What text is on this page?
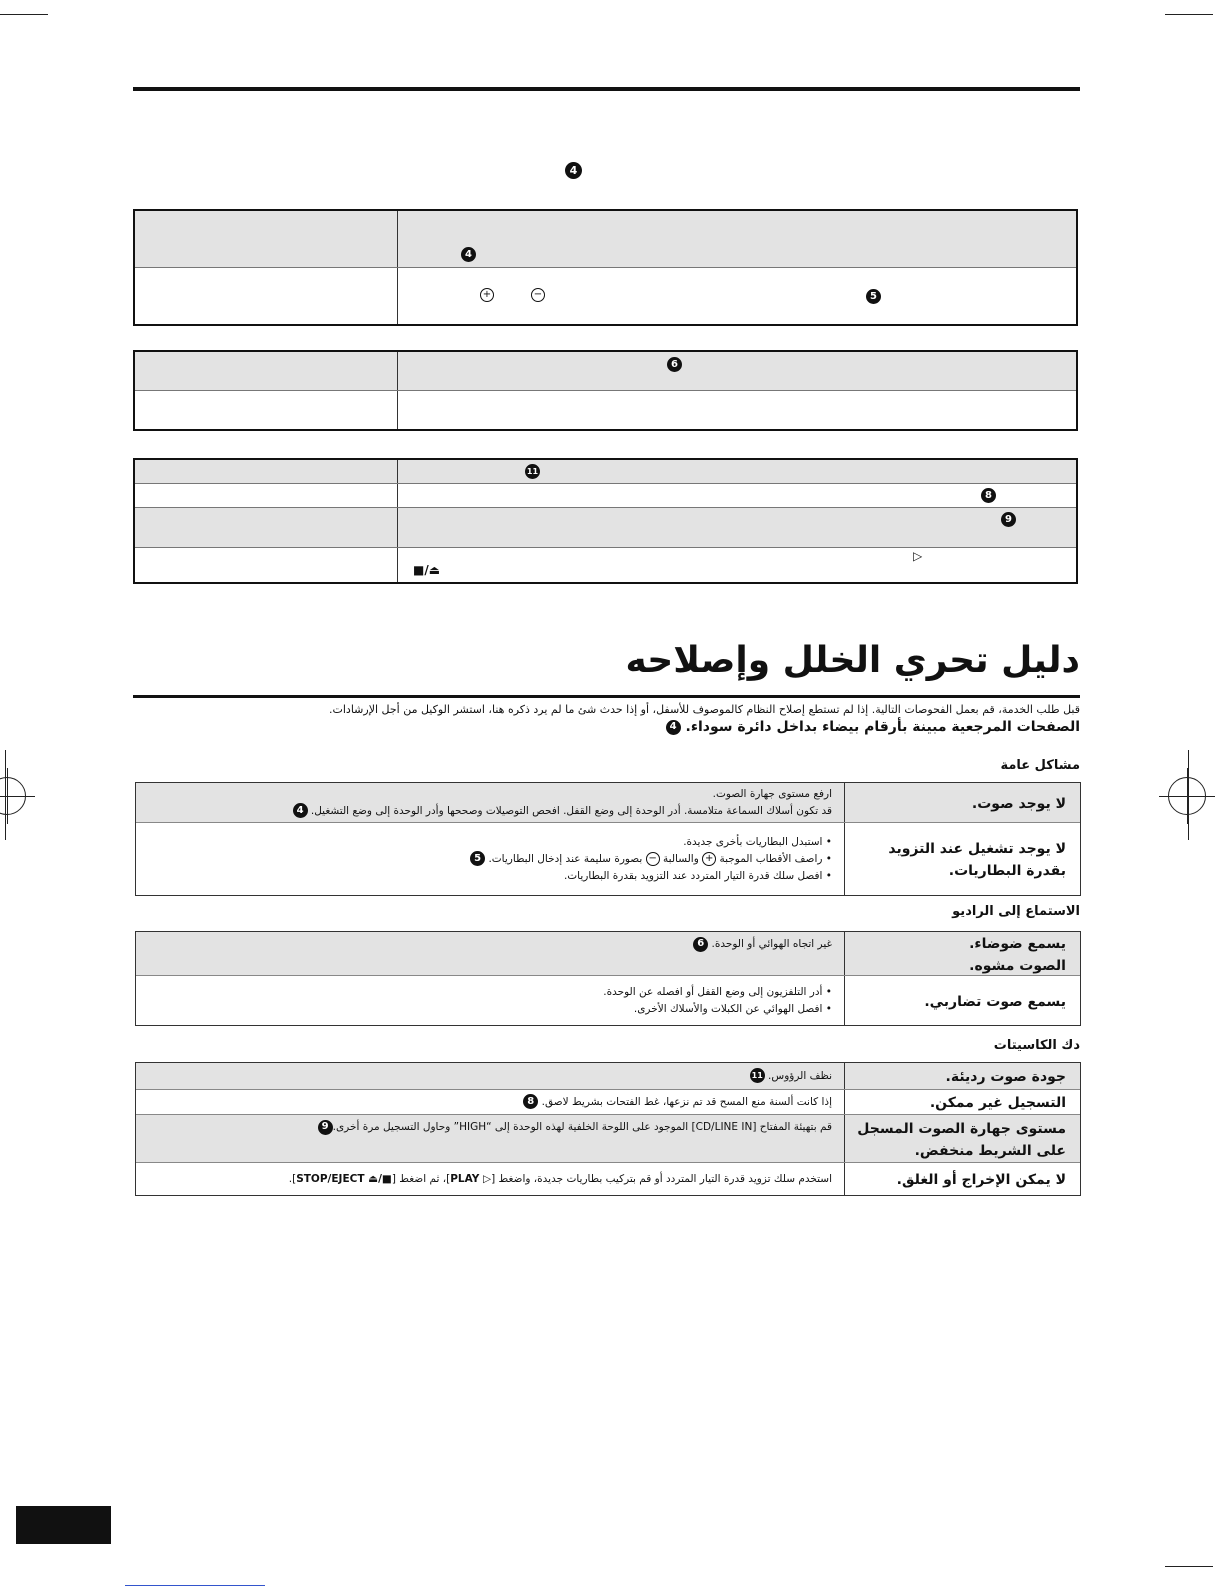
4
4
+	−	5
6
11
8
9
▷
■/⏏
دليل تحري الخلل وإصلاحه
قبل طلب الخدمة، قم بعمل الفحوصات التالية. إذا لم تستطع إصلاح النظام كالموصوف للأسفل، أو إذا حدث شئ ما لم يرد ذكره هنا، استشر الوكيل من أجل الإرشادات.
الصفحات المرجعية مبينة بأرقام بيضاء بداخل دائرة سوداء. 4
مشاكل عامة
لا يوجد صوت.
ارفع مستوى جهارة الصوت.
قد تكون أسلاك السماعة متلامسة. أدر الوحدة إلى وضع القفل. افحص التوصيلات وصححها وأدر الوحدة إلى وضع التشغيل. 4
لا يوجد تشغيل عند التزويد
بقدرة البطاريات.
• استبدل البطاريات بأخرى جديدة.
• راصف الأقطاب الموجبة + والسالبة − بصورة سليمة عند إدخال البطاريات. 5
• افصل سلك قدرة التيار المتردد عند التزويد بقدرة البطاريات.
الاستماع إلى الراديو
يسمع ضوضاء.
الصوت مشوه.
غير اتجاه الهوائي أو الوحدة. 6
يسمع صوت تضاربي.
• أدر التلفزيون إلى وضع القفل أو افصله عن الوحدة.
• افصل الهوائي عن الكبلات والأسلاك الأخرى.
دك الكاسيتات
جودة صوت رديئة.
نظف الرؤوس. 11
التسجيل غير ممكن.
إذا كانت ألسنة منع المسح قد تم نزعها، غط الفتحات بشريط لاصق. 8
مستوى جهارة الصوت المسجل
على الشريط منخفض.
قم بتهيئة المفتاح [CD/LINE IN] الموجود على اللوحة الخلفية لهذه الوحدة إلى “HIGH” وحاول التسجيل مرة أخرى.9
لا يمكن الإخراج أو الغلق.
استخدم سلك تزويد قدرة التيار المتردد أو قم بتركيب بطاريات جديدة، واضغط [▷ PLAY]، ثم اضغط [■/⏏ STOP/EJECT].
